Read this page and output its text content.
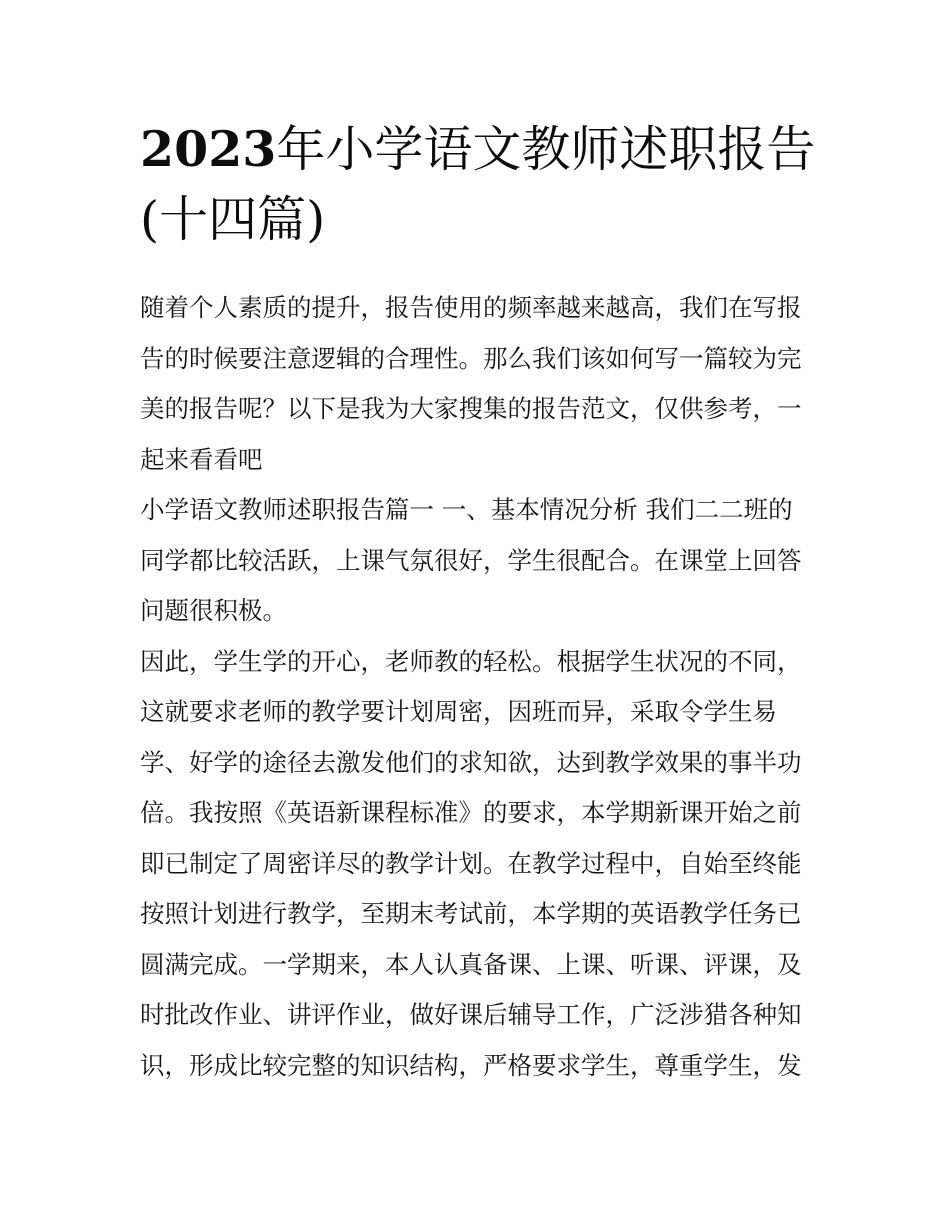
2023年小学语文教师述职报告
(十四篇)
随着个人素质的提升，报告使用的频率越来越高，我们在写报
告的时候要注意逻辑的合理性。那么我们该如何写一篇较为完
美的报告呢？以下是我为大家搜集的报告范文，仅供参考，一
起来看看吧
小学语文教师述职报告篇一 一、基本情况分析 我们二二班的
同学都比较活跃，上课气氛很好，学生很配合。在课堂上回答
问题很积极。
因此，学生学的开心，老师教的轻松。根据学生状况的不同，
这就要求老师的教学要计划周密，因班而异，采取令学生易
学、好学的途径去激发他们的求知欲，达到教学效果的事半功
倍。我按照《英语新课程标准》的要求，本学期新课开始之前
即已制定了周密详尽的教学计划。在教学过程中，自始至终能
按照计划进行教学，至期末考试前，本学期的英语教学任务已
圆满完成。一学期来，本人认真备课、上课、听课、评课，及
时批改作业、讲评作业，做好课后辅导工作，广泛涉猎各种知
识，形成比较完整的知识结构，严格要求学生，尊重学生，发
